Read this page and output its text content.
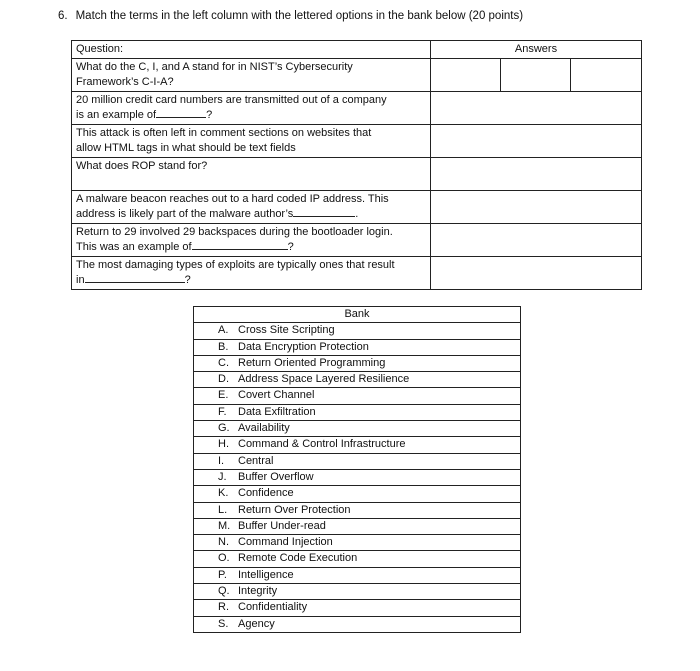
6. Match the terms in the left column with the lettered options in the bank below (20 points)
Question:	Answers		

What do the C, I, and A stand for in NIST’s Cybersecurity
Framework’s C-I-A?			

20 million credit card numbers are transmitted out of a company
is an example of ?			

This attack is often left in comment sections on websites that
allow HTML tags in what should be text fields			

What does ROP stand for?			

A malware beacon reaches out to a hard coded IP address. This
address is likely part of the malware author’s .			

Return to 29 involved 29 backspaces during the bootloader login.
This was an example of ?			

The most damaging types of exploits are typically ones that result
in ?			

Bank
A. Cross Site Scripting
B. Data Encryption Protection
C. Return Oriented Programming
D. Address Space Layered Resilience
E. Covert Channel
F. Data Exfiltration
G. Availability
H. Command & Control Infrastructure
I. Central
J. Buffer Overflow
K. Confidence
L. Return Over Protection
M. Buffer Under-read
N. Command Injection
O. Remote Code Execution
P. Intelligence
Q. Integrity
R. Confidentiality
S. Agency
